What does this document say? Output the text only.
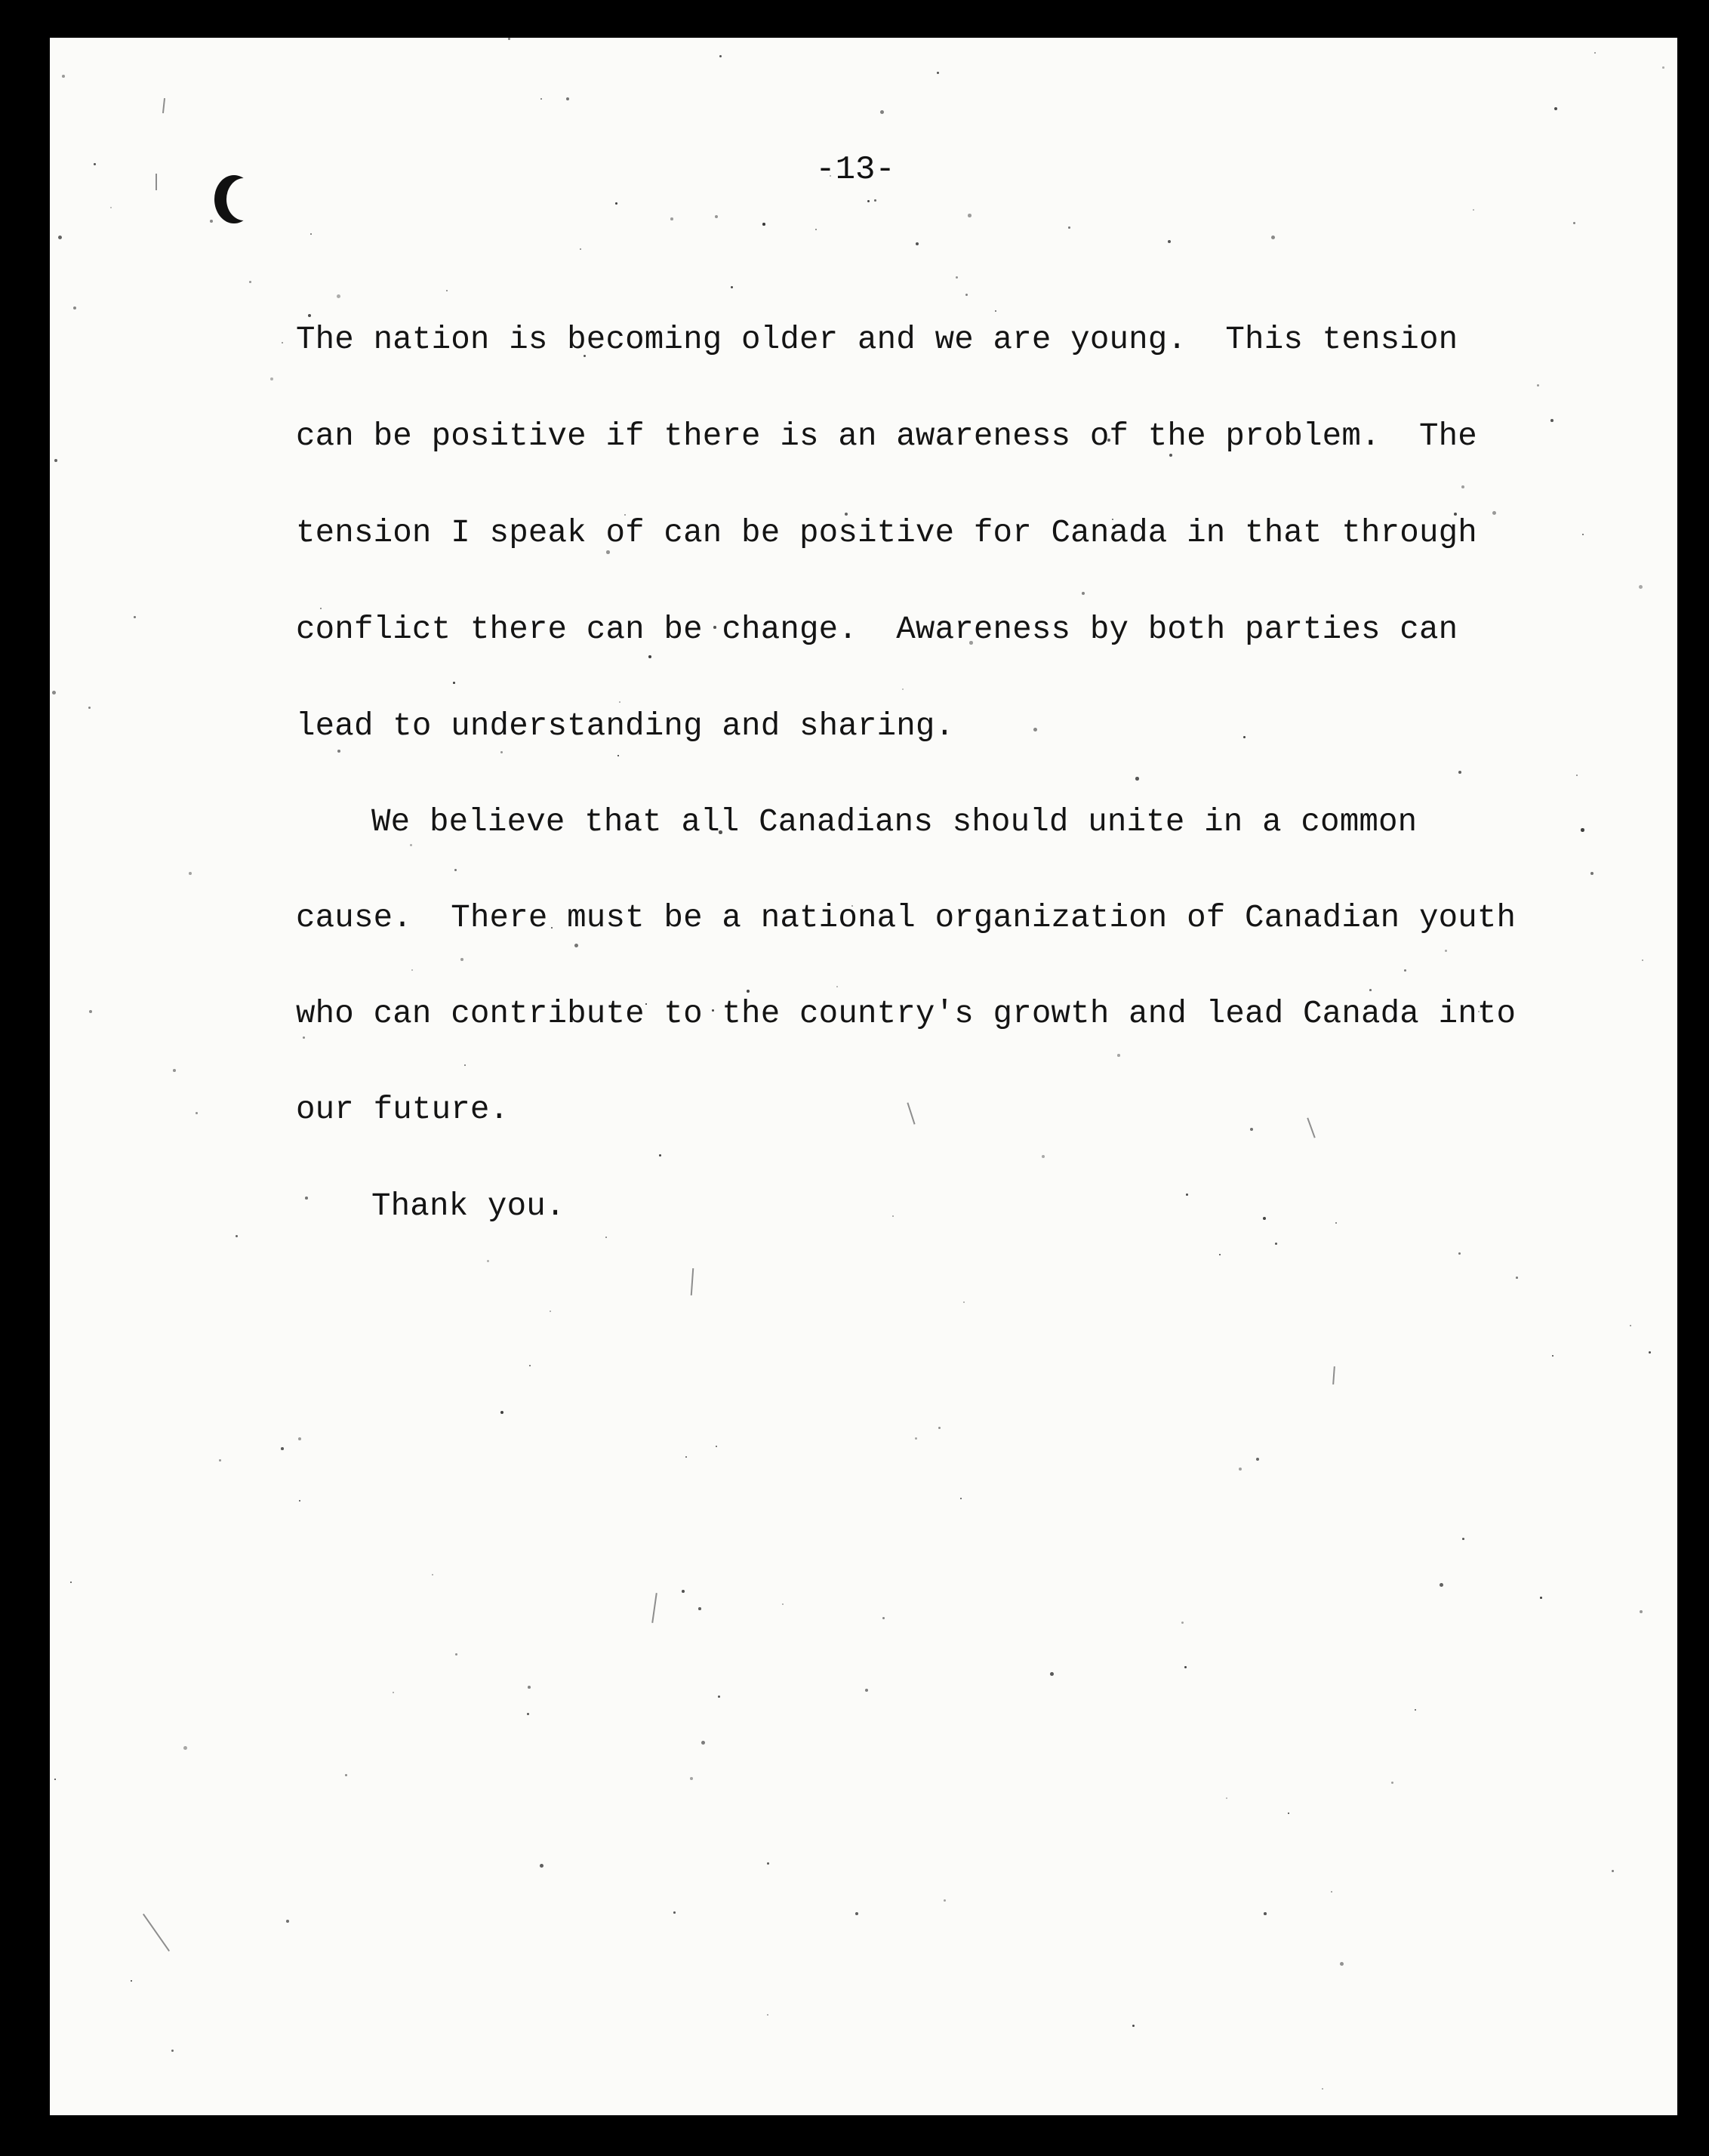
-13-

The nation is becoming older and we are young.  This tension

can be positive if there is an awareness of the problem.  The

tension I speak of can be positive for Canada in that through

conflict there can be change.  Awareness by both parties can

lead to understanding and sharing.

We believe that all Canadians should unite in a common

cause.  There must be a national organization of Canadian youth

who can contribute to the country's growth and lead Canada into

our future.

Thank you.
